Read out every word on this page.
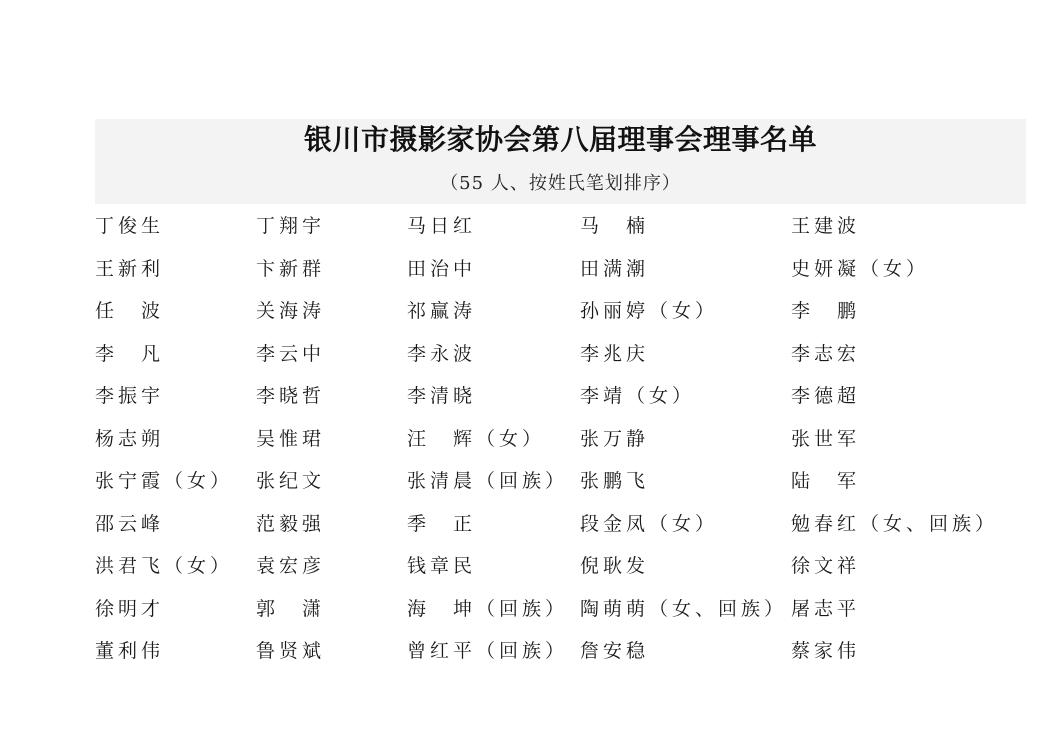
银川市摄影家协会第八届理事会理事名单
（55 人、按姓氏笔划排序）
丁俊生	丁翔宇	马日红	马　楠	王建波
王新利	卞新群	田治中	田满潮	史妍凝（女）
任　波	关海涛	祁赢涛	孙丽婷（女）	李　鹏
李　凡	李云中	李永波	李兆庆	李志宏
李振宇	李晓哲	李清晓	李靖（女）	李德超
杨志朔	吴惟珺	汪　辉（女） 张万静	张世军
张宁霞（女） 张纪文	张清晨（回族） 张鹏飞	陆　军
邵云峰	范毅强	季　正	段金凤（女）	勉春红（女、回族）
洪君飞（女） 袁宏彦	钱章民	倪耿发	徐文祥
徐明才	郭　潇	海　坤（回族） 陶萌萌（女、回族） 屠志平
董利伟	鲁贤斌	曾红平（回族） 詹安稳	蔡家伟
